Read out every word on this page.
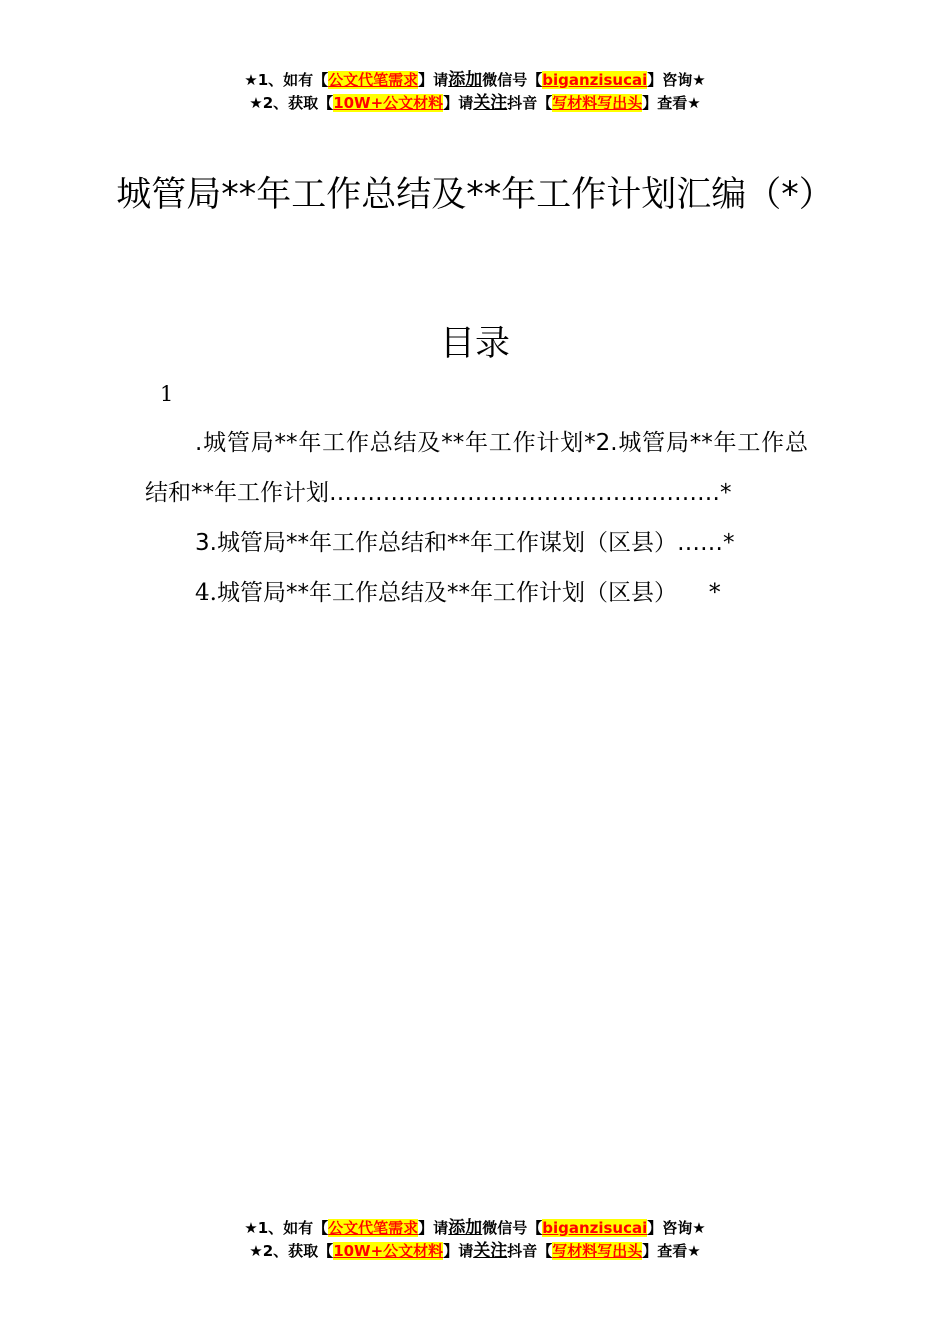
★1、如有【公文代笔需求】请添加微信号【biganzisucai】咨询★
★2、获取【10W+公文材料】请关注抖音【写材料写出头】查看★
城管局**年工作总结及**年工作计划汇编（*）
目录
1

.城管局**年工作总结及**年工作计划*2.城管局**年工作总结和**年工作计划……………………………………………*

3.城管局**年工作总结和**年工作谋划（区县）……*

4.城管局**年工作总结及**年工作计划（区县） *

★1、如有【公文代笔需求】请添加微信号【biganzisucai】咨询★
★2、获取【10W+公文材料】请关注抖音【写材料写出头】查看★
